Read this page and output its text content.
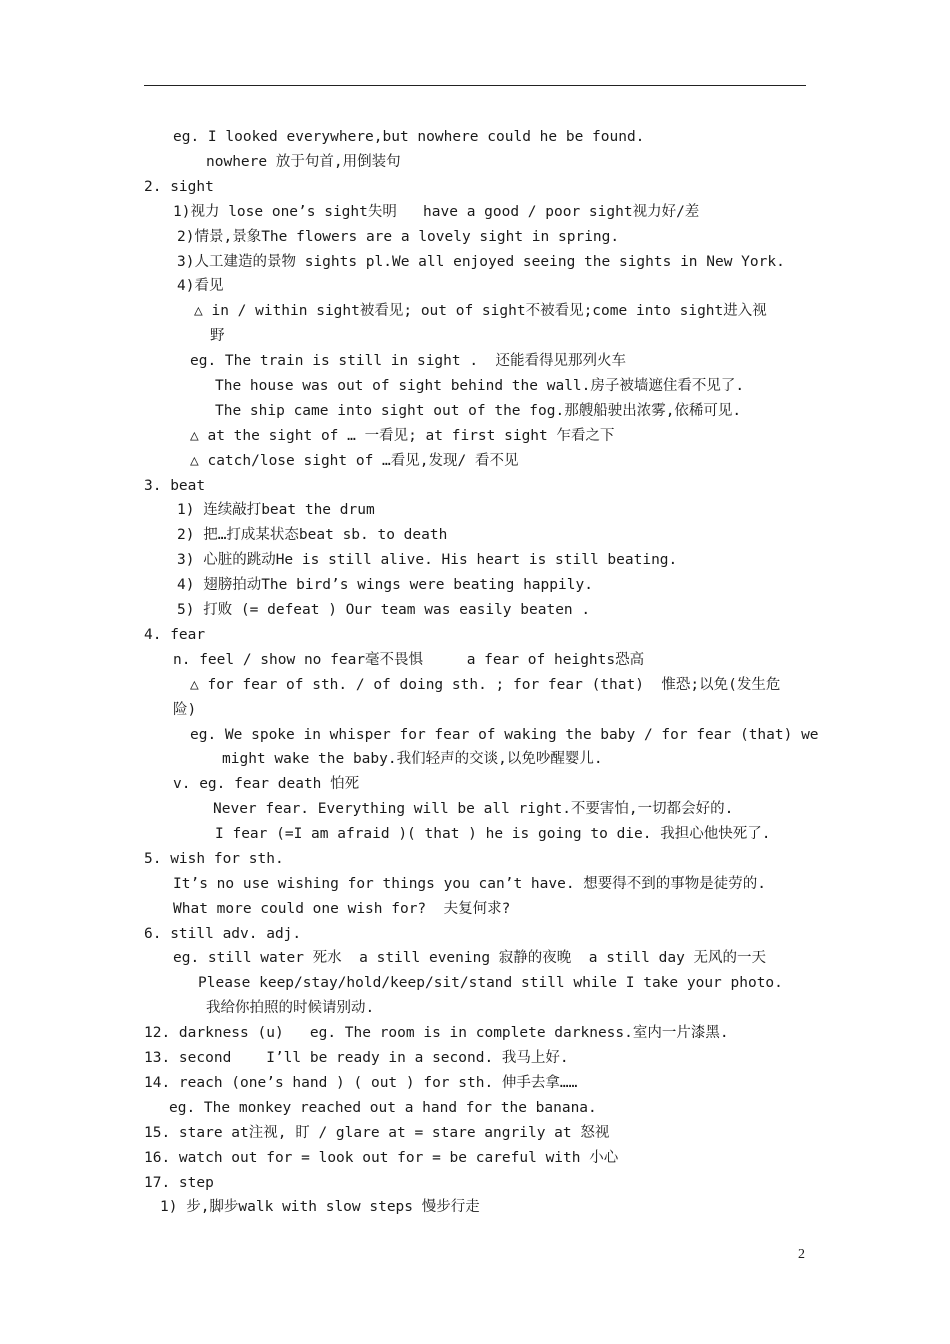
eg. I looked everywhere,but nowhere could he be found.
nowhere 放于句首,用倒装句
2. sight
1)视力 lose one’s sight失明   have a good / poor sight视力好/差
2)情景,景象The flowers are a lovely sight in spring.
3)人工建造的景物 sights pl.We all enjoyed seeing the sights in New York.
4)看见
△ in / within sight被看见; out of sight不被看见;come into sight进入视
野
eg. The train is still in sight .  还能看得见那列火车
The house was out of sight behind the wall.房子被墙遮住看不见了.
The ship came into sight out of the fog.那艘船驶出浓雾,依稀可见.
△ at the sight of … 一看见; at first sight 乍看之下
△ catch/lose sight of …看见,发现/ 看不见
3. beat
1) 连续敲打beat the drum
2) 把…打成某状态beat sb. to death
3) 心脏的跳动He is still alive. His heart is still beating.
4) 翅膀拍动The bird’s wings were beating happily.
5) 打败 (= defeat ) Our team was easily beaten .
4. fear
n. feel / show no fear毫不畏惧     a fear of heights恐高
△ for fear of sth. / of doing sth. ; for fear (that)  惟恐;以免(发生危
险)
eg. We spoke in whisper for fear of waking the baby / for fear (that) we
might wake the baby.我们轻声的交谈,以免吵醒婴儿.
v. eg. fear death 怕死
Never fear. Everything will be all right.不要害怕,一切都会好的.
I fear (=I am afraid )( that ) he is going to die. 我担心他快死了.
5. wish for sth.
It’s no use wishing for things you can’t have. 想要得不到的事物是徒劳的.
What more could one wish for?  夫复何求?
6. still adv. adj.
eg. still water 死水  a still evening 寂静的夜晚  a still day 无风的一天
Please keep/stay/hold/keep/sit/stand still while I take your photo.
我给你拍照的时候请别动.
12. darkness (u)   eg. The room is in complete darkness.室内一片漆黑.
13. second    I’ll be ready in a second. 我马上好.
14. reach (one’s hand ) ( out ) for sth. 伸手去拿……
eg. The monkey reached out a hand for the banana.
15. stare at注视, 盯 / glare at = stare angrily at 怒视
16. watch out for = look out for = be careful with 小心
17. step
1) 步,脚步walk with slow steps 慢步行走
2
